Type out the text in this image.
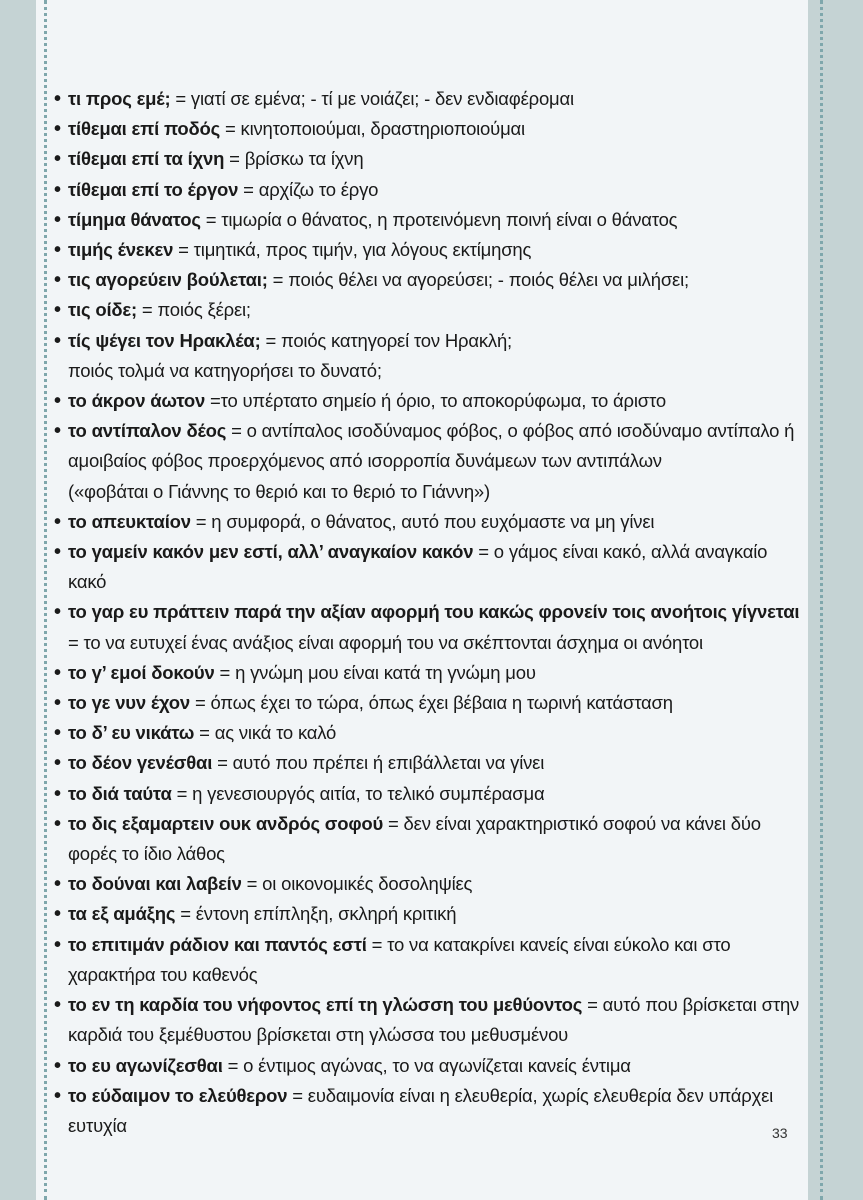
• τι προς εμέ; = γιατί σε εμένα; - τί με νοιάζει; - δεν ενδιαφέρομαι
• τίθεμαι επί ποδός = κινητοποιούμαι, δραστηριοποιούμαι
• τίθεμαι επί τα ίχνη = βρίσκω τα ίχνη
• τίθεμαι επί το έργον = αρχίζω το έργο
• τίμημα θάνατος = τιμωρία ο θάνατος, η προτεινόμενη ποινή είναι ο θάνατος
• τιμής ένεκεν = τιμητικά, προς τιμήν, για λόγους εκτίμησης
• τις αγορεύειν βούλεται; = ποιός θέλει να αγορεύσει; - ποιός θέλει να μιλήσει;
• τις οίδε; = ποιός ξέρει;
• τίς ψέγει τον Ηρακλέα; = ποιός κατηγορεί τον Ηρακλή;
ποιός τολμά να κατηγορήσει το δυνατό;
• το άκρον άωτον =το υπέρτατο σημείο ή όριο, το αποκορύφωμα, το άριστο
• το αντίπαλον δέος = ο αντίπαλος ισοδύναμος φόβος, ο φόβος από ισοδύναμο αντίπαλο ή αμοιβαίος φόβος προερχόμενος από ισορροπία δυνάμεων των αντιπάλων
(«φοβάται ο Γιάννης το θεριό και το θεριό το Γιάννη»)
• το απευκταίον = η συμφορά, ο θάνατος, αυτό που ευχόμαστε να μη γίνει
• το γαμείν κακόν μεν εστί, αλλ’ αναγκαίον κακόν = ο γάμος είναι κακό, αλλά αναγκαίο κακό
• το γαρ ευ πράττειν παρά την αξίαν αφορμή του κακώς φρονείν τοις ανοήτοις γίγνεται = το να ευτυχεί ένας ανάξιος είναι αφορμή του να σκέπτονται άσχημα οι ανόητοι
• το γ’ εμοί δοκούν = η γνώμη μου είναι κατά τη γνώμη μου
• το γε νυν έχον = όπως έχει το τώρα, όπως έχει βέβαια η τωρινή κατάσταση
• το δ’ ευ νικάτω = ας νικά το καλό
• το δέον γενέσθαι = αυτό που πρέπει ή επιβάλλεται να γίνει
• το διά ταύτα = η γενεσιουργός αιτία, το τελικό συμπέρασμα
• το δις εξαμαρτειν ουκ ανδρός σοφού = δεν είναι χαρακτηριστικό σοφού να κάνει δύο φορές το ίδιο λάθος
• το δούναι και λαβείν = οι οικονομικές δοσοληψίες
• τα εξ αμάξης = έντονη επίπληξη, σκληρή κριτική
• το επιτιμάν ράδιον και παντός εστί = το να κατακρίνει κανείς είναι εύκολο και στο χαρακτήρα του καθενός
• το εν τη καρδία του νήφοντος επί τη γλώσση του μεθύοντος = αυτό που βρίσκεται στην καρδιά του ξεμέθυστου βρίσκεται στη γλώσσα του μεθυσμένου
• το ευ αγωνίζεσθαι = ο έντιμος αγώνας, το να αγωνίζεται κανείς έντιμα
• το εύδαιμον το ελεύθερον = ευδαιμονία είναι η ελευθερία, χωρίς ελευθερία δεν υπάρχει ευτυχία	33
